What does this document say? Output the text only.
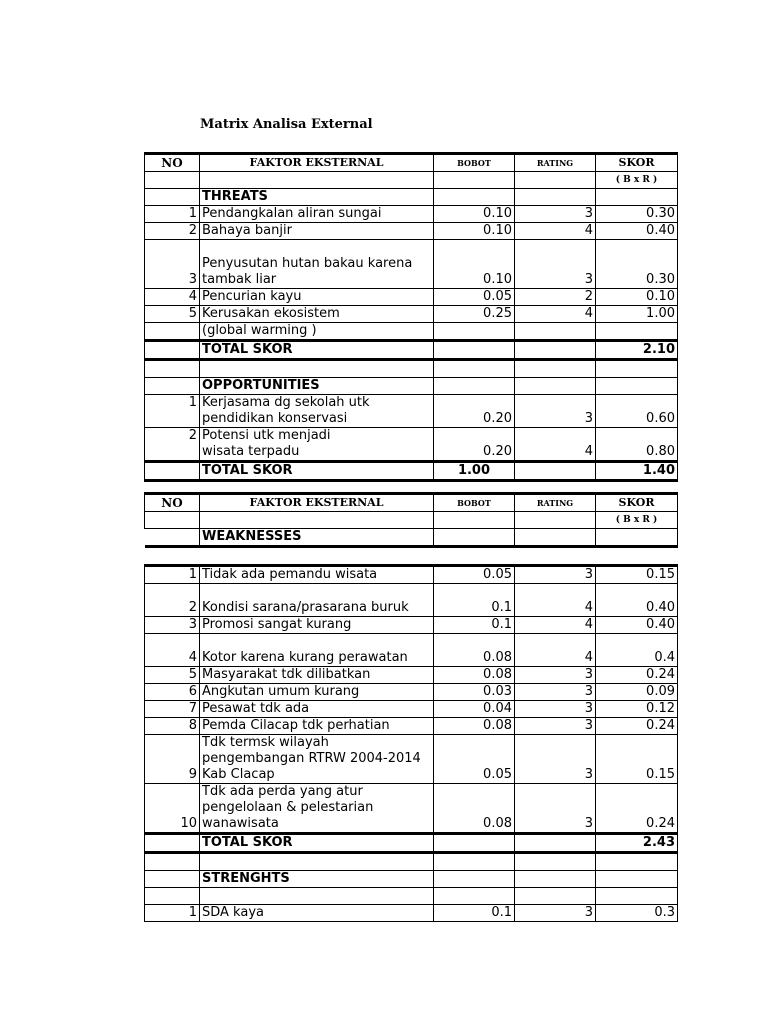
Matrix Analisa External
NO	FAKTOR EKSTERNAL	BOBOT	RATING	SKOR
				( B x R )
	THREATS			
1	Pendangkalan aliran sungai	0.10	3	0.30
2	Bahaya banjir	0.10	4	0.40
3	Penyusutan hutan bakau karena tambak liar	0.10	3	0.30
4	Pencurian kayu	0.05	2	0.10
5	Kerusakan ekosistem	0.25	4	1.00
	(global warming )			
	TOTAL SKOR			2.10

	OPPORTUNITIES			
1	Kerjasama dg sekolah utk
pendidikan konservasi	0.20	3	0.60
2	Potensi utk menjadi
wisata terpadu	0.20	4	0.80
	TOTAL SKOR	1.00		1.40
NO	FAKTOR EKSTERNAL	BOBOT	RATING	SKOR
				( B x R )
	WEAKNESSES			

1	Tidak ada pemandu wisata	0.05	3	0.15
2	Kondisi sarana/prasarana buruk	0.1	4	0.40
3	Promosi sangat kurang	0.1	4	0.40
4	Kotor karena kurang perawatan	0.08	4	0.4
5	Masyarakat tdk dilibatkan	0.08	3	0.24
6	Angkutan umum kurang	0.03	3	0.09
7	Pesawat tdk ada	0.04	3	0.12
8	Pemda Cilacap tdk perhatian	0.08	3	0.24
9	Tdk termsk wilayah pengembangan RTRW 2004-2014 Kab Clacap	0.05	3	0.15
10	Tdk ada perda yang atur pengelolaan & pelestarian wanawisata	0.08	3	0.24
	TOTAL SKOR			2.43

	STRENGHTS			

1	SDA kaya	0.1	3	0.3
